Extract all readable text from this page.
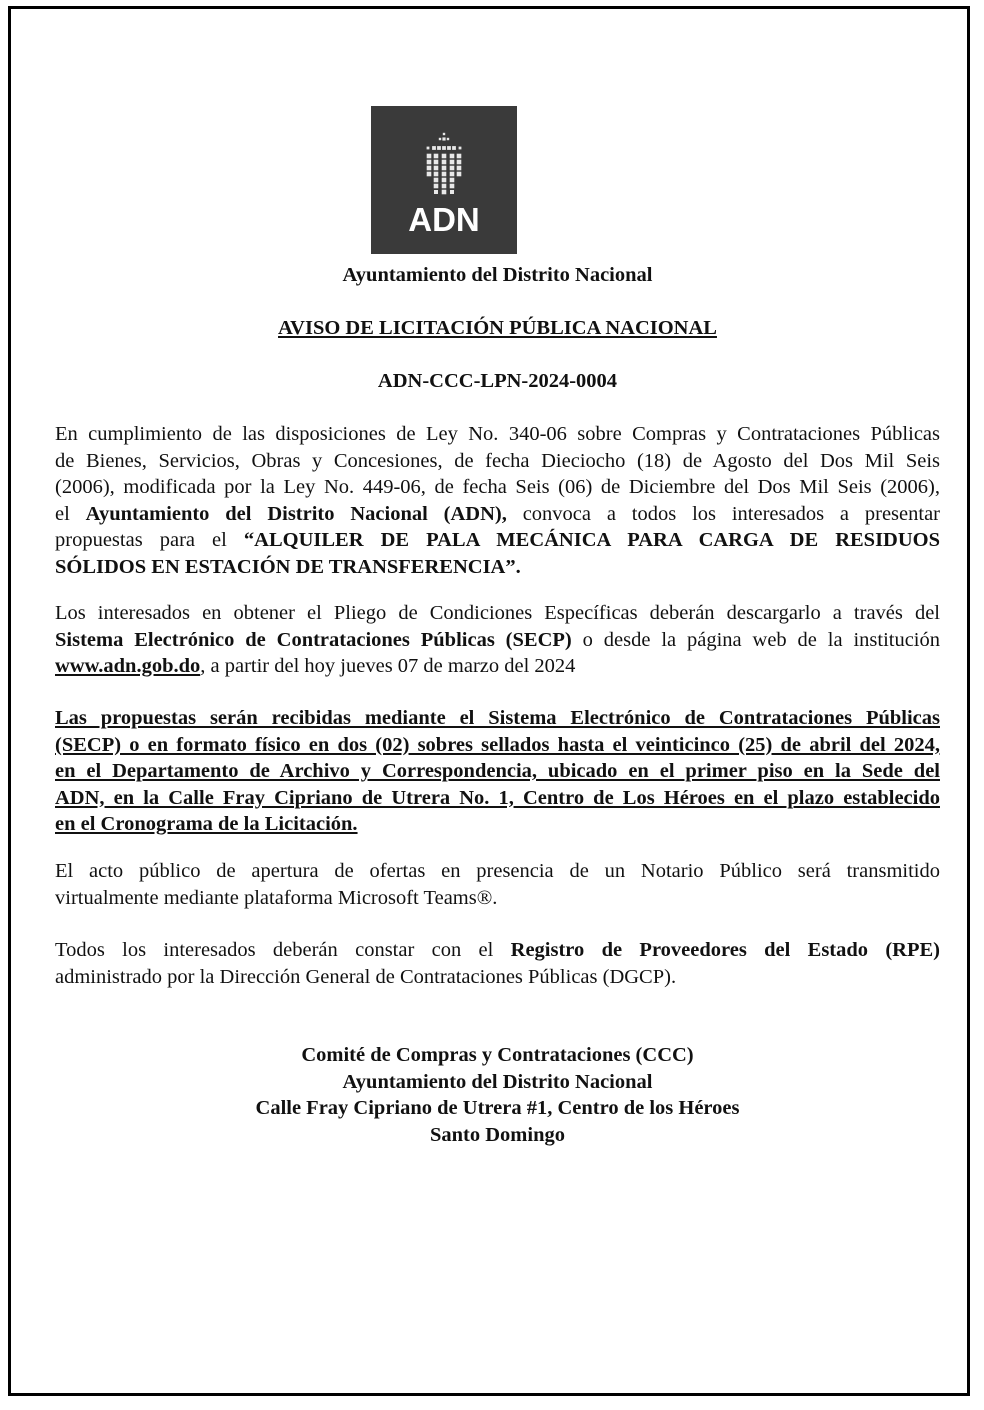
ADN
Ayuntamiento del Distrito Nacional
AVISO DE LICITACIÓN PÚBLICA NACIONAL
ADN-CCC-LPN-2024-0004
En cumplimiento de las disposiciones de Ley No. 340-06 sobre Compras y Contrataciones Públicas
de Bienes, Servicios, Obras y Concesiones, de fecha Dieciocho (18) de Agosto del Dos Mil Seis
(2006), modificada por la Ley No. 449-06, de fecha Seis (06) de Diciembre del Dos Mil Seis (2006),
el Ayuntamiento del Distrito Nacional (ADN), convoca a todos los interesados a presentar
propuestas para el “ALQUILER DE PALA MECÁNICA PARA CARGA DE RESIDUOS
SÓLIDOS EN ESTACIÓN DE TRANSFERENCIA”.
Los interesados en obtener el Pliego de Condiciones Específicas deberán descargarlo a través del
Sistema Electrónico de Contrataciones Públicas (SECP) o desde la página web de la institución
www.adn.gob.do, a partir del hoy jueves 07 de marzo del 2024
Las propuestas serán recibidas mediante el Sistema Electrónico de Contrataciones Públicas
(SECP) o en formato físico en dos (02) sobres sellados hasta el veinticinco (25) de abril del 2024,
en el Departamento de Archivo y Correspondencia, ubicado en el primer piso en la Sede del
ADN, en la Calle Fray Cipriano de Utrera No. 1, Centro de Los Héroes en el plazo establecido
en el Cronograma de la Licitación.
El acto público de apertura de ofertas en presencia de un Notario Público será transmitido
virtualmente mediante plataforma Microsoft Teams®.
Todos los interesados deberán constar con el Registro de Proveedores del Estado (RPE)
administrado por la Dirección General de Contrataciones Públicas (DGCP).
Comité de Compras y Contrataciones (CCC)
Ayuntamiento del Distrito Nacional
Calle Fray Cipriano de Utrera #1, Centro de los Héroes
Santo Domingo
